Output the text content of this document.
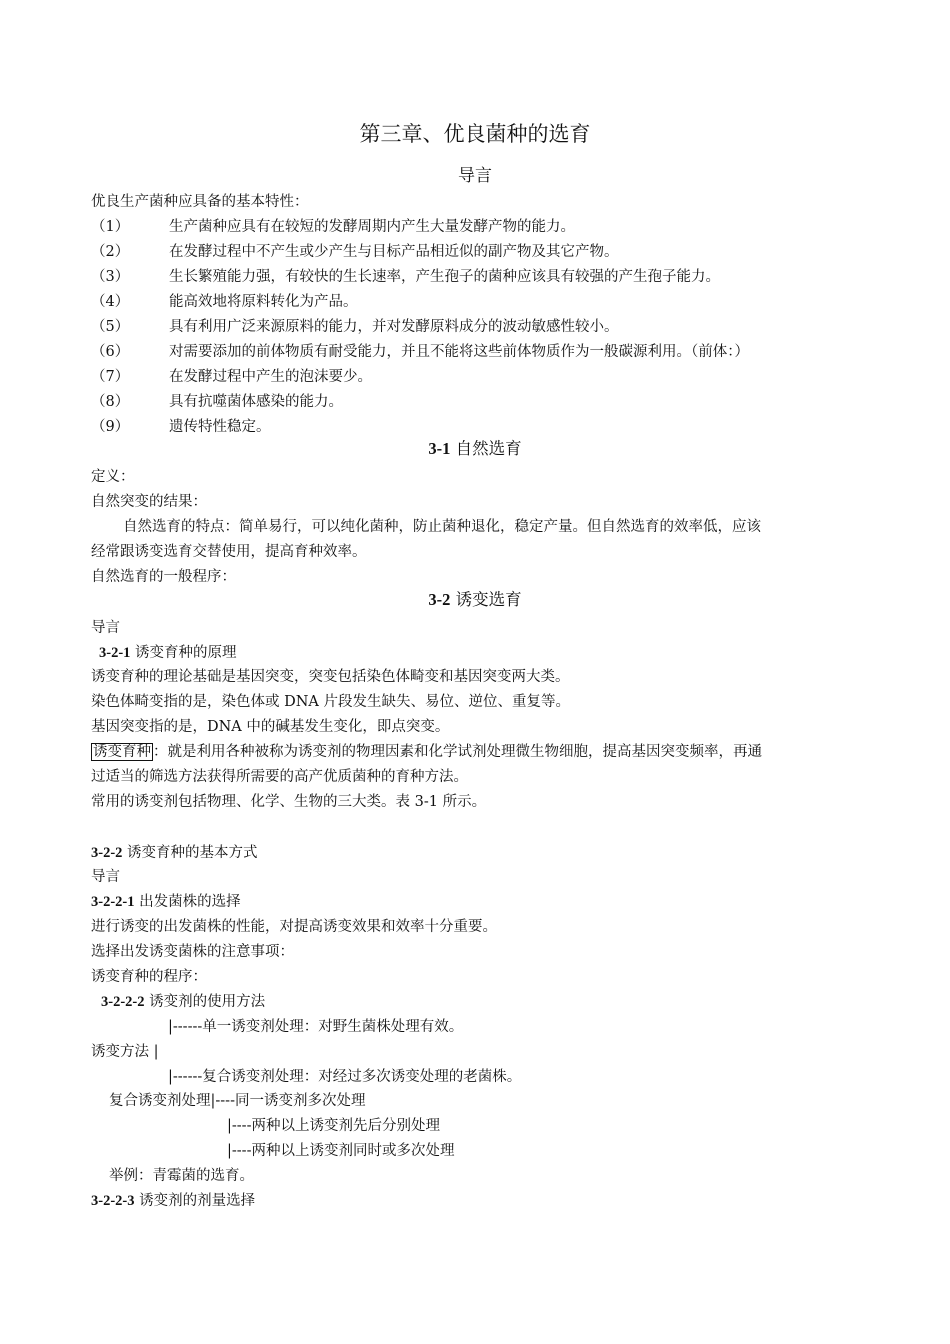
第三章、优良菌种的选育
导言
优良生产菌种应具备的基本特性：
（1）	生产菌种应具有在较短的发酵周期内产生大量发酵产物的能力。
（2）	在发酵过程中不产生或少产生与目标产品相近似的副产物及其它产物。
（3）	生长繁殖能力强，有较快的生长速率，产生孢子的菌种应该具有较强的产生孢子能力。
（4）	能高效地将原料转化为产品。
（5）	具有利用广泛来源原料的能力，并对发酵原料成分的波动敏感性较小。
（6）	对需要添加的前体物质有耐受能力，并且不能将这些前体物质作为一般碳源利用。（前体：）
（7）	在发酵过程中产生的泡沫要少。
（8）	具有抗噬菌体感染的能力。
（9）	遗传特性稳定。
3-1 自然选育
定义：
自然突变的结果：
自然选育的特点：简单易行，可以纯化菌种，防止菌种退化，稳定产量。但自然选育的效率低，应该
经常跟诱变选育交替使用，提高育种效率。
自然选育的一般程序：
3-2 诱变选育
导言
3-2-1 诱变育种的原理
诱变育种的理论基础是基因突变，突变包括染色体畸变和基因突变两大类。
染色体畸变指的是，染色体或 DNA 片段发生缺失、易位、逆位、重复等。
基因突变指的是，DNA 中的碱基发生变化，即点突变。
诱变育种 ：就是利用各种被称为诱变剂的物理因素和化学试剂处理微生物细胞，提高基因突变频率，再通
过适当的筛选方法获得所需要的高产优质菌种的育种方法。
常用的诱变剂包括物理、化学、生物的三大类。表 3-1 所示。
3-2-2 诱变育种的基本方式
导言
3-2-2-1 出发菌株的选择
进行诱变的出发菌株的性能，对提高诱变效果和效率十分重要。
选择出发诱变菌株的注意事项：
诱变育种的程序：
3-2-2-2 诱变剂的使用方法
|------单一诱变剂处理：对野生菌株处理有效。
诱变方法 |
|------复合诱变剂处理：对经过多次诱变处理的老菌株。
复合诱变剂处理|----同一诱变剂多次处理
|----两种以上诱变剂先后分别处理
|----两种以上诱变剂同时或多次处理
举例：青霉菌的选育。
3-2-2-3 诱变剂的剂量选择
